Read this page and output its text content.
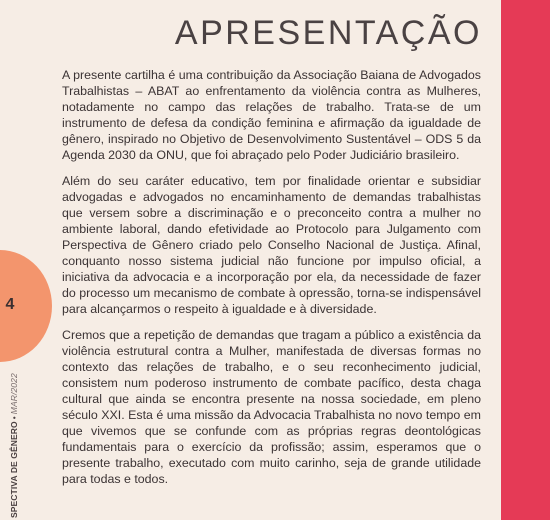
4
SPECTIVA DE GÊNERO•MAR/2022
APRESENTAÇÃO

A presente cartilha é uma contribuição da Associação Baiana de Advogados Trabalhistas – ABAT ao enfrentamento da violência contra as Mulheres, notadamente no campo das relações de trabalho. Trata-se de um instrumento de defesa da condição feminina e afirmação da igualdade de gênero, inspirado no Objetivo de Desenvolvimento Sustentável – ODS 5 da Agenda 2030 da ONU, que foi abraçado pelo Poder Judiciário brasileiro.

Além do seu caráter educativo, tem por finalidade orientar e subsidiar advogadas e advogados no encaminhamento de demandas trabalhistas que versem sobre a discriminação e o preconceito contra a mulher no ambiente laboral, dando efetividade ao Protocolo para Julgamento com Perspectiva de Gênero criado pelo Conselho Nacional de Justiça. Afinal, conquanto nosso sistema judicial não funcione por impulso oficial, a iniciativa da advocacia e a incorporação por ela, da necessidade de fazer do processo um mecanismo de combate à opressão, torna-se indispensável para alcançarmos o respeito à igualdade e à diversidade.

Cremos que a repetição de demandas que tragam a público a existência da violência estrutural contra a Mulher, manifestada de diversas formas no contexto das relações de trabalho, e o seu reconhecimento judicial, consistem num poderoso instrumento de combate pacífico, desta chaga cultural que ainda se encontra presente na nossa sociedade, em pleno século XXI. Esta é uma missão da Advocacia Trabalhista no novo tempo em que vivemos que se confunde com as próprias regras deontológicas fundamentais para o exercício da profissão; assim, esperamos que o presente trabalho, executado com muito carinho, seja de grande utilidade para todas e todos.
